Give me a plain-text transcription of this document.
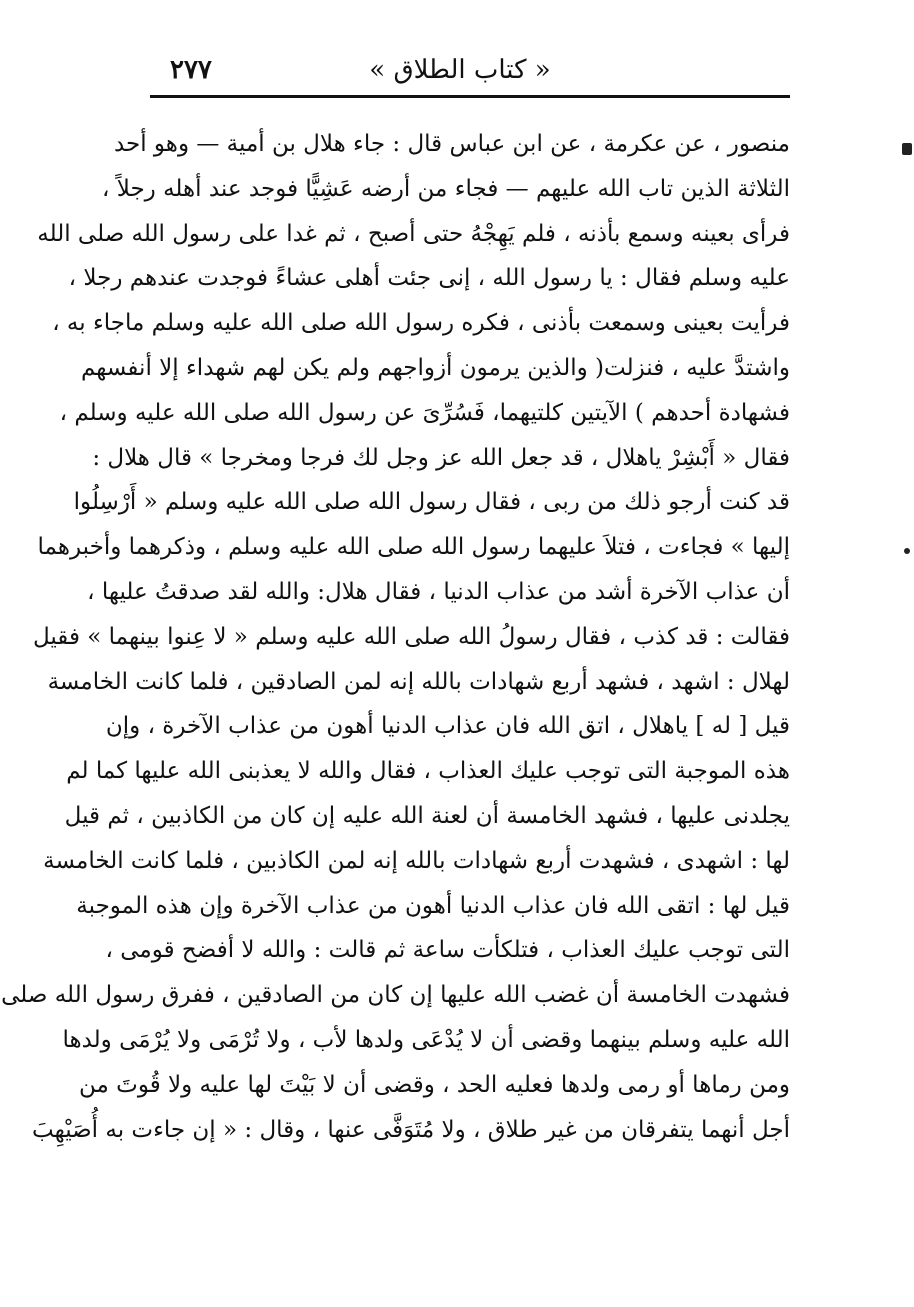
٢٧٧	« كتاب الطلاق »
منصور ، عن عكرمة ، عن ابن عباس قال : جاء هلال بن أمية — وهو أحد
الثلاثة الذين تاب الله عليهم — فجاء من أرضه عَشِيًّا فوجد عند أهله رجلاً ،
فرأى بعينه وسمع بأذنه ، فلم يَهِجْهُ حتى أصبح ، ثم غدا على رسول الله صلى الله
عليه وسلم فقال : يا رسول الله ، إنى جئت أهلى عشاءً فوجدت عندهم رجلا ،
فرأيت بعينى وسمعت بأذنى ، فكره رسول الله صلى الله عليه وسلم ماجاء به ،
واشتدَّ عليه ، فنزلت( والذين يرمون أزواجهم ولم يكن لهم شهداء إلا أنفسهم
فشهادة أحدهم ) الآيتين كلتيهما، فَسُرِّىَ عن رسول الله صلى الله عليه وسلم ،
فقال « أَبْشِرْ ياهلال ، قد جعل الله عز وجل لك فرجا ومخرجا » قال هلال :
قد كنت أرجو ذلك من ربى ، فقال رسول الله صلى الله عليه وسلم « أَرْسِلُوا
إليها » فجاءت ، فتلاَ عليهما رسول الله صلى الله عليه وسلم ، وذكرهما وأخبرهما
أن عذاب الآخرة أشد من عذاب الدنيا ، فقال هلال: والله لقد صدقتُ عليها ،
فقالت : قد كذب ، فقال رسولُ الله صلى الله عليه وسلم « لا عِنوا بينهما » فقيل
لهلال : اشهد ، فشهد أربع شهادات بالله إنه لمن الصادقين ، فلما كانت الخامسة
قيل [ له ] ياهلال ، اتق الله فان عذاب الدنيا أهون من عذاب الآخرة ، وإن
هذه الموجبة التى توجب عليك العذاب ، فقال والله لا يعذبنى الله عليها كما لم
يجلدنى عليها ، فشهد الخامسة أن لعنة الله عليه إن كان من الكاذبين ، ثم قيل
لها : اشهدى ، فشهدت أربع شهادات بالله إنه لمن الكاذبين ، فلما كانت الخامسة
قيل لها : اتقى الله فان عذاب الدنيا أهون من عذاب الآخرة وإن هذه الموجبة
التى توجب عليك العذاب ، فتلكأت ساعة ثم قالت : والله لا أفضح قومى ،
فشهدت الخامسة أن غضب الله عليها إن كان من الصادقين ، ففرق رسول الله صلى
الله عليه وسلم بينهما وقضى أن لا يُدْعَى ولدها لأب ، ولا تُرْمَى ولا يُرْمَى ولدها
ومن رماها أو رمى ولدها فعليه الحد ، وقضى أن لا بَيْتَ لها عليه ولا قُوتَ من
أجل أنهما يتفرقان من غير طلاق ، ولا مُتَوَفَّى عنها ، وقال : « إن جاءت به أُصَيْهِبَ
